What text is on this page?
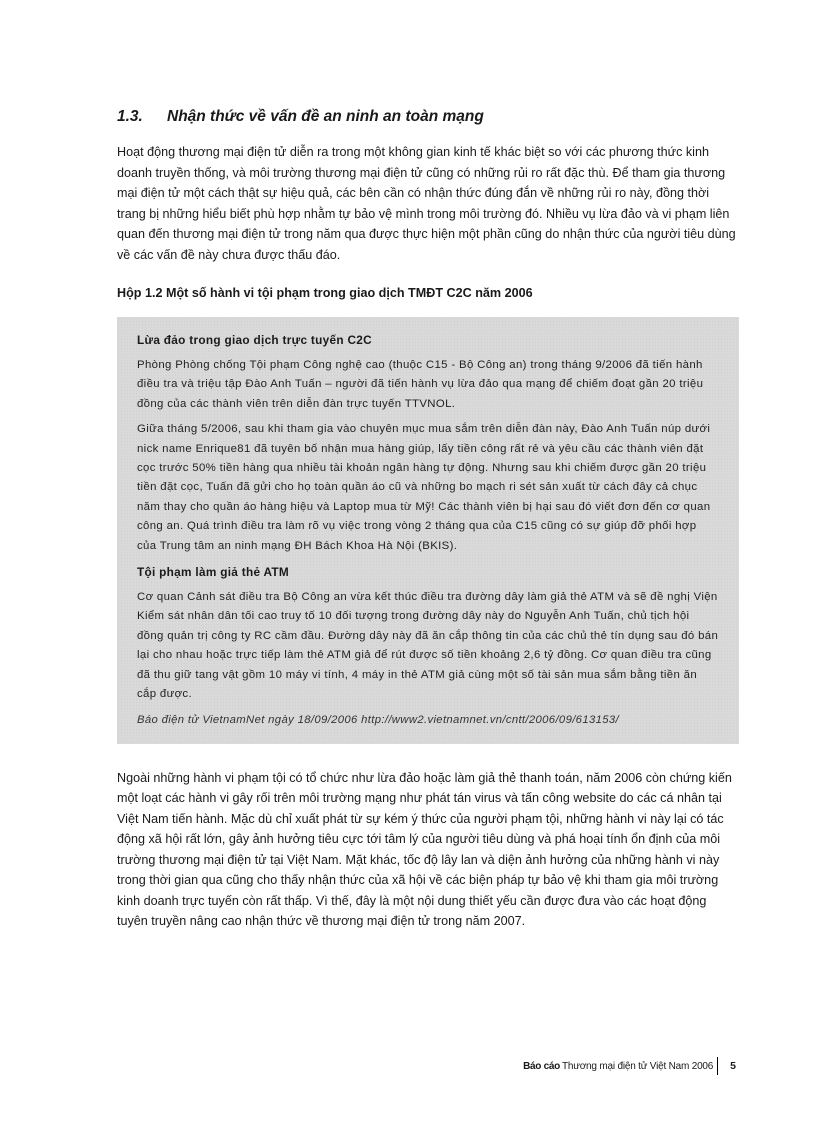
1.3.	Nhận thức về vấn đề an ninh an toàn mạng

Hoạt động thương mại điện tử diễn ra trong một không gian kinh tế khác biệt so với các phương thức kinh doanh truyền thống, và môi trường thương mại điện tử cũng có những rủi ro rất đặc thù. Để tham gia thương mại điện tử một cách thật sự hiệu quả, các bên cần có nhận thức đúng đắn về những rủi ro này, đồng thời trang bị những hiểu biết phù hợp nhằm tự bảo vệ mình trong môi trường đó. Nhiều vụ lừa đảo và vi phạm liên quan đến thương mại điện tử trong năm qua được thực hiện một phần cũng do nhận thức của người tiêu dùng về các vấn đề này chưa được thấu đáo.

Hộp 1.2 Một số hành vi tội phạm trong giao dịch TMĐT C2C năm 2006
Lừa đảo trong giao dịch trực tuyến C2C

Phòng Phòng chống Tội phạm Công nghệ cao (thuộc C15 - Bộ Công an) trong tháng 9/2006 đã tiến hành điều tra và triệu tập Đào Anh Tuấn – người đã tiến hành vụ lừa đảo qua mạng để chiếm đoạt gần 20 triệu đồng của các thành viên trên diễn đàn trực tuyến TTVNOL.

Giữa tháng 5/2006, sau khi tham gia vào chuyên mục mua sắm trên diễn đàn này, Đào Anh Tuấn núp dưới nick name Enrique81 đã tuyên bố nhận mua hàng giúp, lấy tiền công rất rẻ và yêu cầu các thành viên đặt cọc trước 50% tiền hàng qua nhiều tài khoản ngân hàng tự động. Nhưng sau khi chiếm được gần 20 triệu tiền đặt cọc, Tuấn đã gửi cho họ toàn quần áo cũ và những bo mạch ri sét sản xuất từ cách đây cả chục năm thay cho quần áo hàng hiệu và Laptop mua từ Mỹ! Các thành viên bị hại sau đó viết đơn đến cơ quan công an. Quá trình điều tra làm rõ vụ việc trong vòng 2 tháng qua của C15 cũng có sự giúp đỡ phối hợp của Trung tâm an ninh mạng ĐH Bách Khoa Hà Nội (BKIS).

Tội phạm làm giả thẻ ATM

Cơ quan Cảnh sát điều tra Bộ Công an vừa kết thúc điều tra đường dây làm giả thẻ ATM và sẽ đề nghị Viện Kiểm sát nhân dân tối cao truy tố 10 đối tượng trong đường dây này do Nguyễn Anh Tuấn, chủ tịch hội đồng quản trị công ty RC cầm đầu. Đường dây này đã ăn cắp thông tin của các chủ thẻ tín dụng sau đó bán lại cho nhau hoặc trực tiếp làm thẻ ATM giả để rút được số tiền khoảng 2,6 tỷ đồng. Cơ quan điều tra cũng đã thu giữ tang vật gồm 10 máy vi tính, 4 máy in thẻ ATM giả cùng một số tài sản mua sắm bằng tiền ăn cắp được.

Báo điện tử VietnamNet ngày 18/09/2006 http://www2.vietnamnet.vn/cntt/2006/09/613153/

Ngoài những hành vi phạm tội có tổ chức như lừa đảo hoặc làm giả thẻ thanh toán, năm 2006 còn chứng kiến một loạt các hành vi gây rối trên môi trường mạng như phát tán virus và tấn công website do các cá nhân tại Việt Nam tiến hành. Mặc dù chỉ xuất phát từ sự kém ý thức của người phạm tội, những hành vi này lại có tác động xã hội rất lớn, gây ảnh hưởng tiêu cực tới tâm lý của người tiêu dùng và phá hoại tính ổn định của môi trường thương mại điện tử tại Việt Nam. Mặt khác, tốc độ lây lan và diện ảnh hưởng của những hành vi này trong thời gian qua cũng cho thấy nhận thức của xã hội về các biện pháp tự bảo vệ khi tham gia môi trường kinh doanh trực tuyến còn rất thấp. Vì thế, đây là một nội dung thiết yếu cần được đưa vào các hoạt động tuyên truyền nâng cao nhận thức về thương mại điện tử trong năm 2007.

Báo cáo Thương mại điện tử Việt Nam 2006 5
